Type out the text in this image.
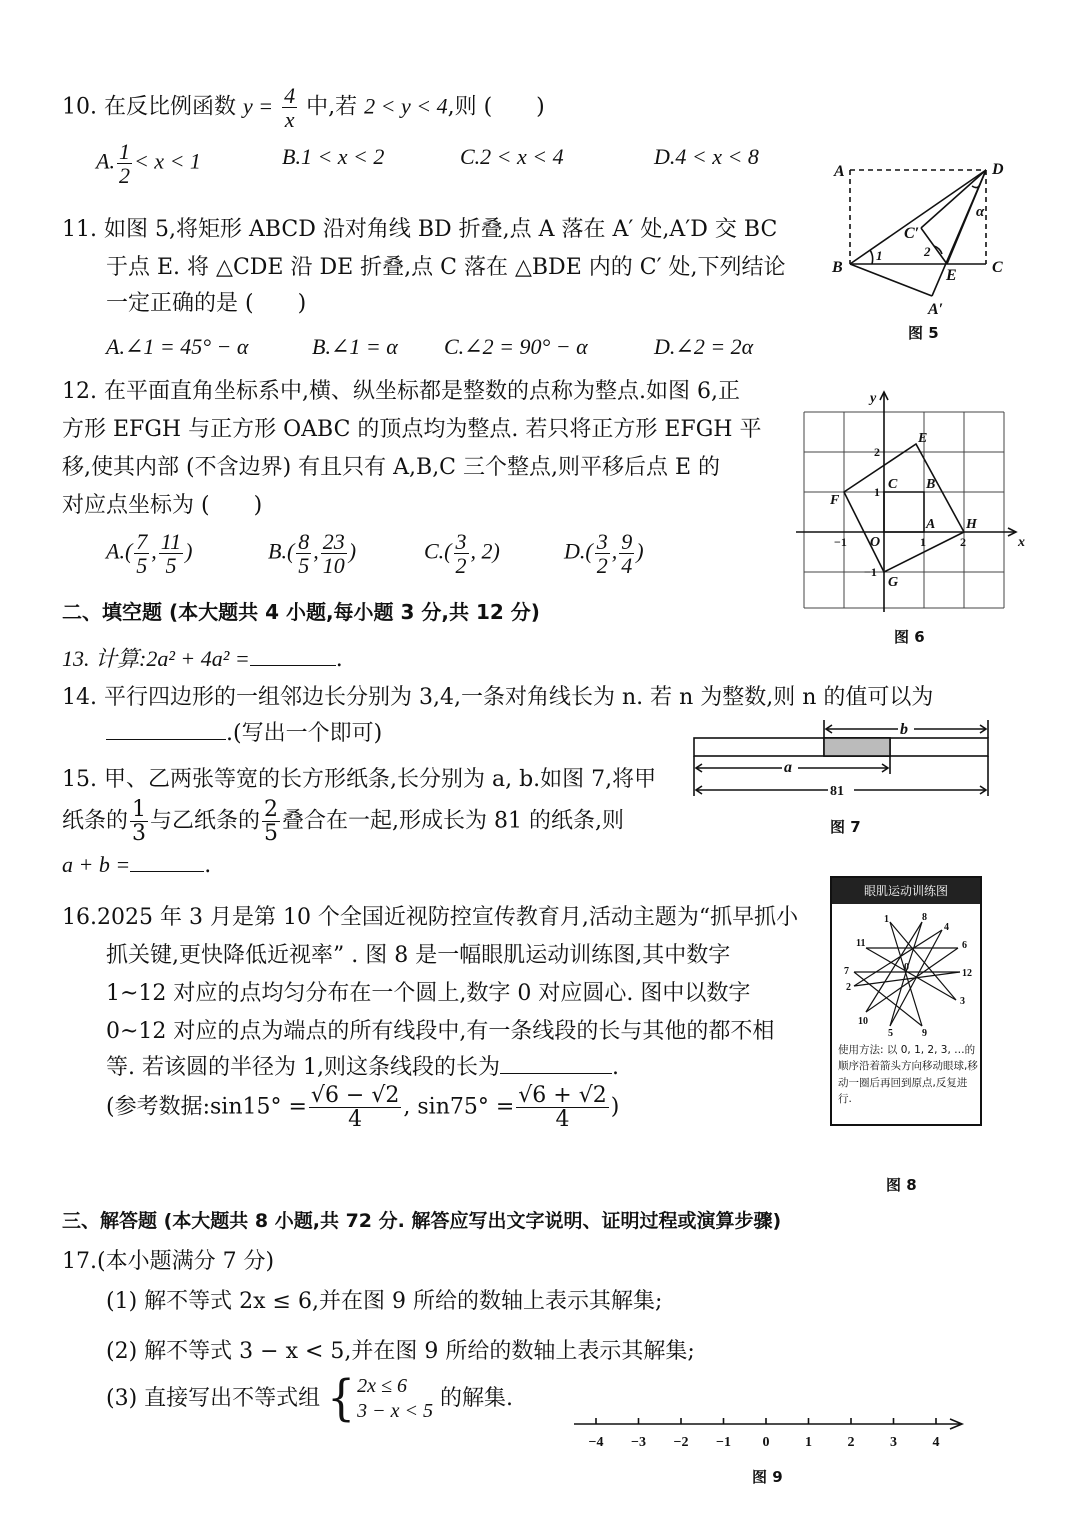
10. 在反比例函数 $y = \frac{4}{x}$ 中,若 2 < y < 4,则 (　　)
A. $\frac{1}{2} < x < 1$	B.1 < x < 2	C.2 < x < 4	D.4 < x < 8
11. 如图 5,将矩形 ABCD 沿对角线 BD 折叠,点 A 落在 A′ 处,A′D 交 BC
于点 E. 将 △CDE 沿 DE 折叠,点 C 落在 △BDE 内的 C′ 处,下列结论
一定正确的是 (　　)
A.∠1 = 45° − α	B.∠1 = α C.∠2 = 90° − α	D.∠2 = 2α
A	D
B	C
E
A′
C′
1	2
α
图 5
12. 在平面直角坐标系中,横、纵坐标都是整数的点称为整点.如图 6,正
方形 EFGH 与正方形 OABC 的顶点均为整点. 若只将正方形 EFGH 平
移,使其内部 (不含边界) 有且只有 A,B,C 三个整点,则平移后点 E 的
对应点坐标为 (　　)
$A.( \frac{7}{5}$ , $\frac{11}{5}$ )	$B.( \frac{8}{5}$ , $\frac{23}{10}$ )	$C.( \frac{3}{2}$ , 2)	$D.( \frac{3}{2}$ , $\frac{9}{4}$ )	x
y
E
F
G
H
O
A
B
C
−1	1	2
2
1
−1
图 6
二、填空题 (本大题共 4 小题,每小题 3 分,共 12 分)
13. 计算:2a² + 4a² =	.
14. 平行四边形的一组邻边长分别为 3,4,一条对角线长为 n. 若 n 为整数,则 n 的值可以为
.(写出一个即可)	b
a
81
图 7
15. 甲、乙两张等宽的长方形纸条,长分别为 a, b.如图 7,将甲
纸条的 $\frac{1}{3}$ 与乙纸条的 $\frac{2}{5}$ 叠合在一起,形成长为 81 的纸条,则
a + b =	.
16.2025 年 3 月是第 10 个全国近视防控宣传教育月,活动主题为“抓早抓小
抓关键,更快降低近视率” . 图 8 是一幅眼肌运动训练图,其中数字
1~12 对应的点均匀分布在一个圆上,数字 0 对应圆心. 图中以数字
0~12 对应的点为端点的所有线段中,有一条线段的长与其他的都不相
等. 若该圆的半径为 1,则这条线段的长为	.
(参考数据:sin15° = $\frac{√6 - √2}{4}$ , $\sin 75^\circ = \frac{√6 + √2}{4}$ )
眼肌运动训练图
0
1
2
3
4
5
6
7
8
9
10
11
12
使用方法: 以 0, 1, 2, 3, …的顺序沿着箭头方向移动眼球,移动一圈后再回到原点,反复进行.
图 8
三、解答题 (本大题共 8 小题,共 72 分. 解答应写出文字说明、证明过程或演算步骤)
17.(本小题满分 7 分)
(1) 解不等式 2x ≤ 6,并在图 9 所给的数轴上表示其解集;
(2) 解不等式 3 − x < 5,并在图 9 所给的数轴上表示其解集;
(3) 直接写出不等式组 { 2x ≤ 6
3 − x < 5 的解集.
−4 −3 −2 −1 0	1	2	3	4
图 9
